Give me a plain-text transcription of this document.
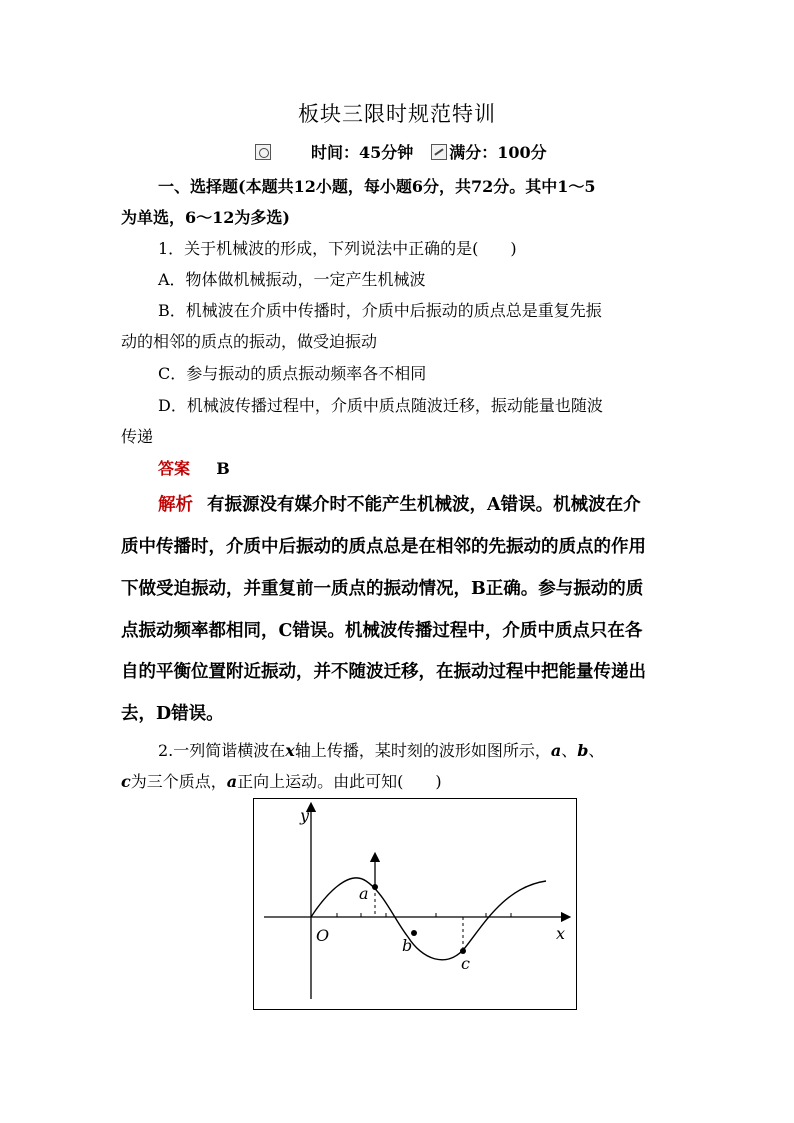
板块三限时规范特训
时间：45分钟 满分：100分
一、选择题(本题共12小题，每小题6分，共72分。其中1～5
为单选，6～12为多选)
1．关于机械波的形成，下列说法中正确的是(　　)
A．物体做机械振动，一定产生机械波
B．机械波在介质中传播时，介质中后振动的质点总是重复先振
动的相邻的质点的振动，做受迫振动
C．参与振动的质点振动频率各不相同
D．机械波传播过程中，介质中质点随波迁移，振动能量也随波
传递
答案 B
解析 有振源没有媒介时不能产生机械波，A错误。机械波在介
质中传播时，介质中后振动的质点总是在相邻的先振动的质点的作用
下做受迫振动，并重复前一质点的振动情况，B正确。参与振动的质
点振动频率都相同，C错误。机械波传播过程中，介质中质点只在各
自的平衡位置附近振动，并不随波迁移，在振动过程中把能量传递出
去，D错误。
2.一列简谐横波在x轴上传播，某时刻的波形如图所示，a、b、
c为三个质点，a正向上运动。由此可知(　　)
y
x
O
a
b
c
